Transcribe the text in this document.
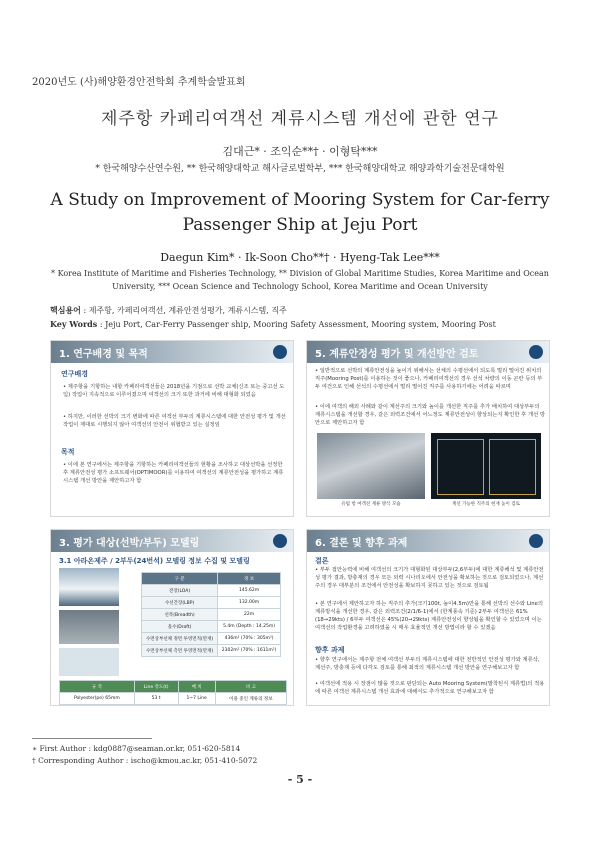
2020년도 (사)해양환경안전학회 추계학술발표회
제주항 카페리여객선 계류시스템 개선에 관한 연구
김대근* · 조익순**† · 이형탁***
* 한국해양수산연수원, ** 한국해양대학교 해사글로벌학부, *** 한국해양대학교 해양과학기술전문대학원
A Study on Improvement of Mooring System for Car-ferry Passenger Ship at Jeju Port
Daegun Kim* · Ik-Soon Cho**† · Hyeng-Tak Lee***
* Korea Institute of Maritime and Fisheries Technology, ** Division of Global Maritime Studies, Korea Maritime and Ocean University, *** Ocean Science and Technology School, Korea Maritime and Ocean University
핵심용어 : 제주항, 카페리여객선, 계류안전성평가, 계류시스템, 직주
Key Words : Jeju Port, Car-Ferry Passenger ship, Mooring Safety Assessment, Mooring system, Mooring Post
1. 연구배경 및 목적
연구배경
• 제주항을 기항하는 내항 카페리여객선들은 2018년을 기점으로 선박 교체(신조 또는 중고선 도입) 작업이 지속적으로 이루어졌으며 여객선의 크기 또한 과거에 비해 대형화 되었음
• 하지만, 이러한 선박의 크기 변화에 따른 여객선 부두의 계류시스템에 대한 안전성 평가 및 개선 작업이 제대로 시행되지 않아 여객선의 안전이 위협받고 있는 실정임
목적
• 이에 본 연구에서는 제주항을 기항하는 카페리여객선들의 현황을 조사하고 대상선박을 선정한 후 계류안전성 평가 소프트웨어(OPTIMOOR)를 이용하여 여객선의 계류안전성을 평가하고 계류시스템 개선 방안을 제안하고자 함
5. 계류안정성 평가 및 개선방안 검토
• 일반적으로 선박의 계류안전성을 높이기 위해서는 선체의 수평선에서 되도록 멀리 떨어진 위치의 직주(Mooring Post)를 이용하는 것이 좋으나, 카페리여객선의 경우 선석 차량의 이동 곤란 등의 부두 여건으로 인해 선석의 수평선에서 멀리 떨어진 직주를 사용하기에는 어려움 따르며
• 이에 여객의 해외 사례와 같이 계선주의 크기와 높이를 개선한 직주를 추가 배치하여 대상부두의 계류시스템을 개선할 경우, 같은 외력조건에서 어느정도 계류안전성이 향상되는지 확인한 후 개선 방안으로 제안하고자 함
유럽 항 여객선 계류 방식 모습	계선 가능한 직주의 현재 높이 검토
3. 평가 대상(선박/부두) 모델링
3.1 아라온제주 / 2부두(24번석) 모델링 정보 수집 및 모델링
구 분	정 보
전장(LOA)	145.62m
수선간장(LBP)	132.00m
선폭(Breadth)	22m
흘수(Draft)	5.4m (Depth : 14.25m)
수면상부선체 정면 투영면적(만재)	436m² (70% : 305m²)
수면상부선체 측면 투영면적(만재)	2302m² (70% : 1611m²)
규 격	Line 강도(t)	배 치	비 고
Polyester(pe) 65mm	53 t	1~7 Line	이용 중인 계류의 정보
6. 결론 및 향후 과제
결론
• 부두 접안능력에 비해 여객선의 크기가 대형화된 대상부두(2,6부두)에 대한 계류해석 및 계류안전성 평가 결과, 방충재의 경우 모든 외력 시나리오에서 안전성을 확보하는 것으로 검토되었으나, 계선주의 경우 대부분의 조건에서 안전성을 확보하지 못하고 있는 것으로 검토됨
• 본 연구에서 제안하고자 하는 직주의 추가(크기100t, 높이4.5m)만을 통해 선박의 선수와 Line의 계류방식을 개선한 경우, 같은 외력조건(2/1/6-1)에서 (한계풍속 기준) 2부두 여객선은 61%(18→29kts) / 6부두 여객선은 45%(20→29kts) 계류안전성이 향상됨을 확인할 수 있었으며 이는 여객선의 작업환경을 고려하였을 시 매우 효율적인 개선 방법이라 할 수 있겠음
향후 과제
• 향후 연구에서는 제주항 전체 여객선 부두의 계류시스템에 대한 전반적인 안전성 평가와 계류삭, 계선주, 방충재 등에 다각도 검토를 통해 최적의 계류시스템 개선 방안을 연구해보고자 함
• 여객선에 적용 시 장점이 많을 것으로 판단되는 Auto Mooring System(발착된식 계류법)의 적용에 따른 여객선 계류시스템 개선 효과에 대해서도 추가적으로 연구해보고자 함
∗ First Author : kdg0887@seaman.or.kr, 051-620-5814
† Corresponding Author : ischo@kmou.ac.kr, 051-410-5072
- 5 -
